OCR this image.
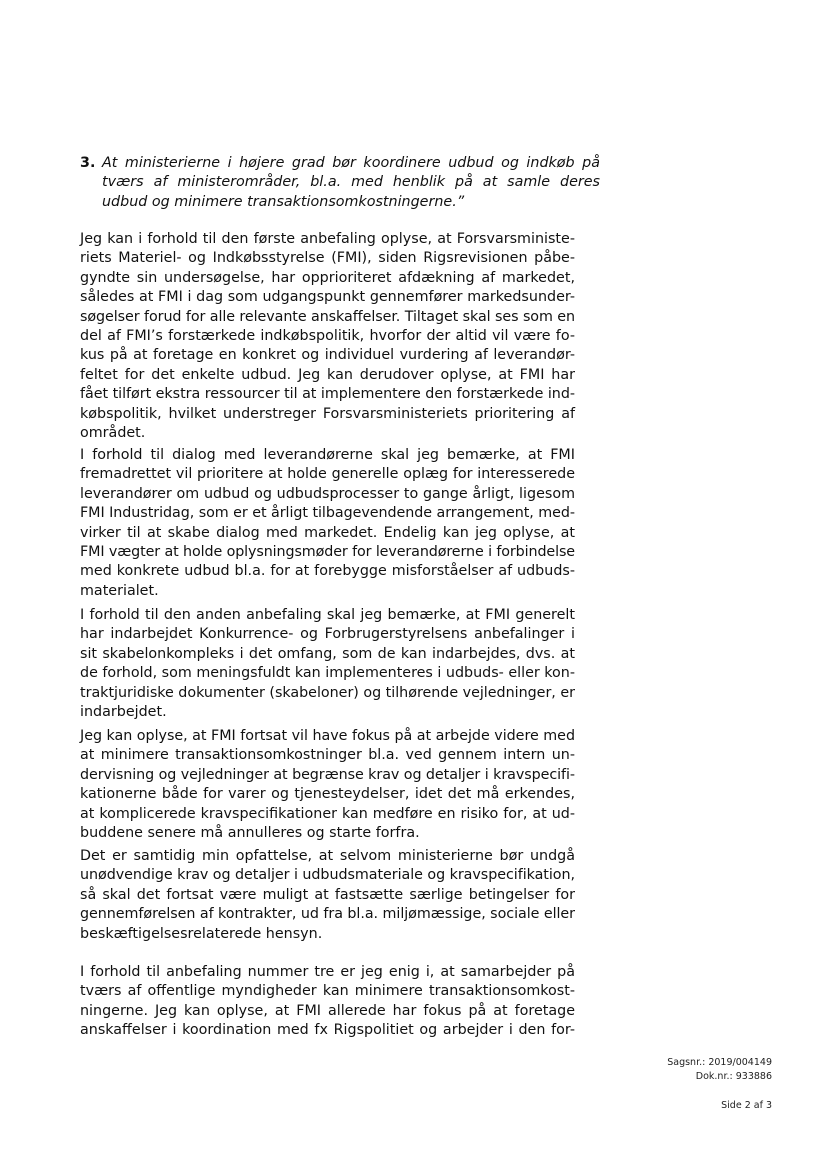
3. At ministerierne i højere grad bør koordinere udbud og indkøb på
tværs af ministerområder, bl.a. med henblik på at samle deres
udbud og minimere transaktionsomkostningerne.”
Jeg kan i forhold til den første anbefaling oplyse, at Forsvarsministe-
riets Materiel- og Indkøbsstyrelse (FMI), siden Rigsrevisionen påbe-
gyndte sin undersøgelse, har opprioriteret afdækning af markedet,
således at FMI i dag som udgangspunkt gennemfører markedsunder-
søgelser forud for alle relevante anskaffelser. Tiltaget skal ses som en
del af FMI’s forstærkede indkøbspolitik, hvorfor der altid vil være fo-
kus på at foretage en konkret og individuel vurdering af leverandør-
feltet for det enkelte udbud. Jeg kan derudover oplyse, at FMI har
fået tilført ekstra ressourcer til at implementere den forstærkede ind-
købspolitik, hvilket understreger Forsvarsministeriets prioritering af
området.
I forhold til dialog med leverandørerne skal jeg bemærke, at FMI
fremadrettet vil prioritere at holde generelle oplæg for interesserede
leverandører om udbud og udbudsprocesser to gange årligt, ligesom
FMI Industridag, som er et årligt tilbagevendende arrangement, med-
virker til at skabe dialog med markedet. Endelig kan jeg oplyse, at
FMI vægter at holde oplysningsmøder for leverandørerne i forbindelse
med konkrete udbud bl.a. for at forebygge misforståelser af udbuds-
materialet.
I forhold til den anden anbefaling skal jeg bemærke, at FMI generelt
har indarbejdet Konkurrence- og Forbrugerstyrelsens anbefalinger i
sit skabelonkompleks i det omfang, som de kan indarbejdes, dvs. at
de forhold, som meningsfuldt kan implementeres i udbuds- eller kon-
traktjuridiske dokumenter (skabeloner) og tilhørende vejledninger, er
indarbejdet.
Jeg kan oplyse, at FMI fortsat vil have fokus på at arbejde videre med
at minimere transaktionsomkostninger bl.a. ved gennem intern un-
dervisning og vejledninger at begrænse krav og detaljer i kravspecifi-
kationerne både for varer og tjenesteydelser, idet det må erkendes,
at komplicerede kravspecifikationer kan medføre en risiko for, at ud-
buddene senere må annulleres og starte forfra.
Det er samtidig min opfattelse, at selvom ministerierne bør undgå
unødvendige krav og detaljer i udbudsmateriale og kravspecifikation,
så skal det fortsat være muligt at fastsætte særlige betingelser for
gennemførelsen af kontrakter, ud fra bl.a. miljømæssige, sociale eller
beskæftigelsesrelaterede hensyn.
I forhold til anbefaling nummer tre er jeg enig i, at samarbejder på
tværs af offentlige myndigheder kan minimere transaktionsomkost-
ningerne. Jeg kan oplyse, at FMI allerede har fokus på at foretage
anskaffelser i koordination med fx Rigspolitiet og arbejder i den for-
Sagsnr.: 2019/004149
Dok.nr.: 933886
Side 2 af 3
